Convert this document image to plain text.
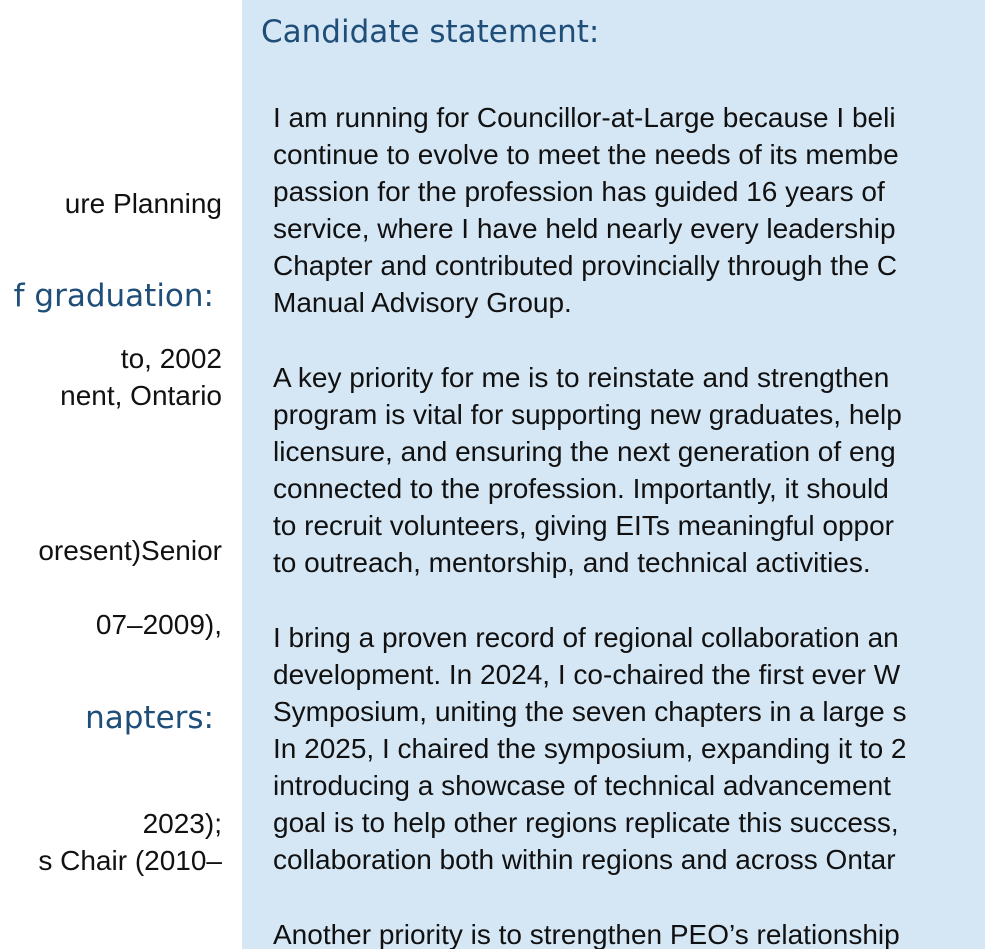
ure Planning
f graduation:
to, 2002
nent, Ontario
oresent)Senior
07–2009),
napters:
2023);
s Chair (2010–
Candidate statement:
I am running for Councillor-at-Large because I beli
continue to evolve to meet the needs of its membe
passion for the profession has guided 16 years of
service, where I have held nearly every leadership
Chapter and contributed provincially through the C
Manual Advisory Group.
A key priority for me is to reinstate and strengthen
program is vital for supporting new graduates, help
licensure, and ensuring the next generation of eng
connected to the profession. Importantly, it should
to recruit volunteers, giving EITs meaningful oppor
to outreach, mentorship, and technical activities.
I bring a proven record of regional collaboration an
development. In 2024, I co-chaired the first ever W
Symposium, uniting the seven chapters in a large s
In 2025, I chaired the symposium, expanding it to 2
introducing a showcase of technical advancement
goal is to help other regions replicate this success,
collaboration both within regions and across Ontar
Another priority is to strengthen PEO’s relationship
